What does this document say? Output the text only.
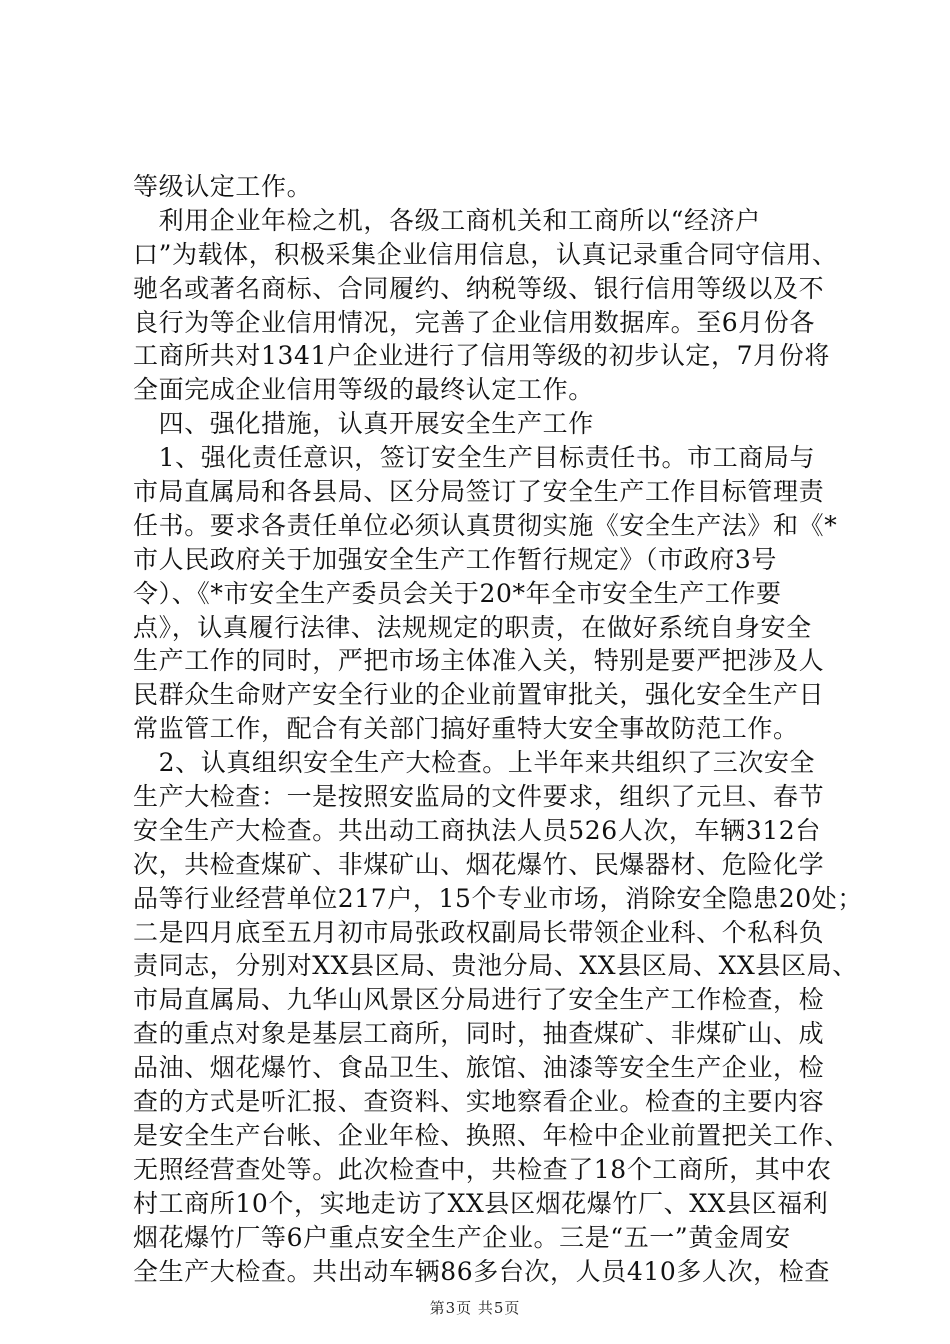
等级认定工作。
　利用企业年检之机，各级工商机关和工商所以“经济户
口”为载体，积极采集企业信用信息，认真记录重合同守信用、
驰名或著名商标、合同履约、纳税等级、银行信用等级以及不
良行为等企业信用情况，完善了企业信用数据库。至6月份各
工商所共对1341户企业进行了信用等级的初步认定，7月份将
全面完成企业信用等级的最终认定工作。
　四、强化措施，认真开展安全生产工作
　1、强化责任意识，签订安全生产目标责任书。市工商局与
市局直属局和各县局、区分局签订了安全生产工作目标管理责
任书。要求各责任单位必须认真贯彻实施《安全生产法》和《*
市人民政府关于加强安全生产工作暂行规定》（市政府3号
令）、《*市安全生产委员会关于20*年全市安全生产工作要
点》，认真履行法律、法规规定的职责，在做好系统自身安全
生产工作的同时，严把市场主体准入关，特别是要严把涉及人
民群众生命财产安全行业的企业前置审批关，强化安全生产日
常监管工作，配合有关部门搞好重特大安全事故防范工作。
　2、认真组织安全生产大检查。上半年来共组织了三次安全
生产大检查：一是按照安监局的文件要求，组织了元旦、春节
安全生产大检查。共出动工商执法人员526人次，车辆312台
次，共检查煤矿、非煤矿山、烟花爆竹、民爆器材、危险化学
品等行业经营单位217户，15个专业市场，消除安全隐患20处；
二是四月底至五月初市局张政权副局长带领企业科、个私科负
责同志，分别对XX县区局、贵池分局、XX县区局、XX县区局、
市局直属局、九华山风景区分局进行了安全生产工作检查，检
查的重点对象是基层工商所，同时，抽查煤矿、非煤矿山、成
品油、烟花爆竹、食品卫生、旅馆、油漆等安全生产企业，检
查的方式是听汇报、查资料、实地察看企业。检查的主要内容
是安全生产台帐、企业年检、换照、年检中企业前置把关工作、
无照经营查处等。此次检查中，共检查了18个工商所，其中农
村工商所10个，实地走访了XX县区烟花爆竹厂、XX县区福利
烟花爆竹厂等6户重点安全生产企业。三是“五一”黄金周安
全生产大检查。共出动车辆86多台次，人员410多人次，检查
第3页 共5页
